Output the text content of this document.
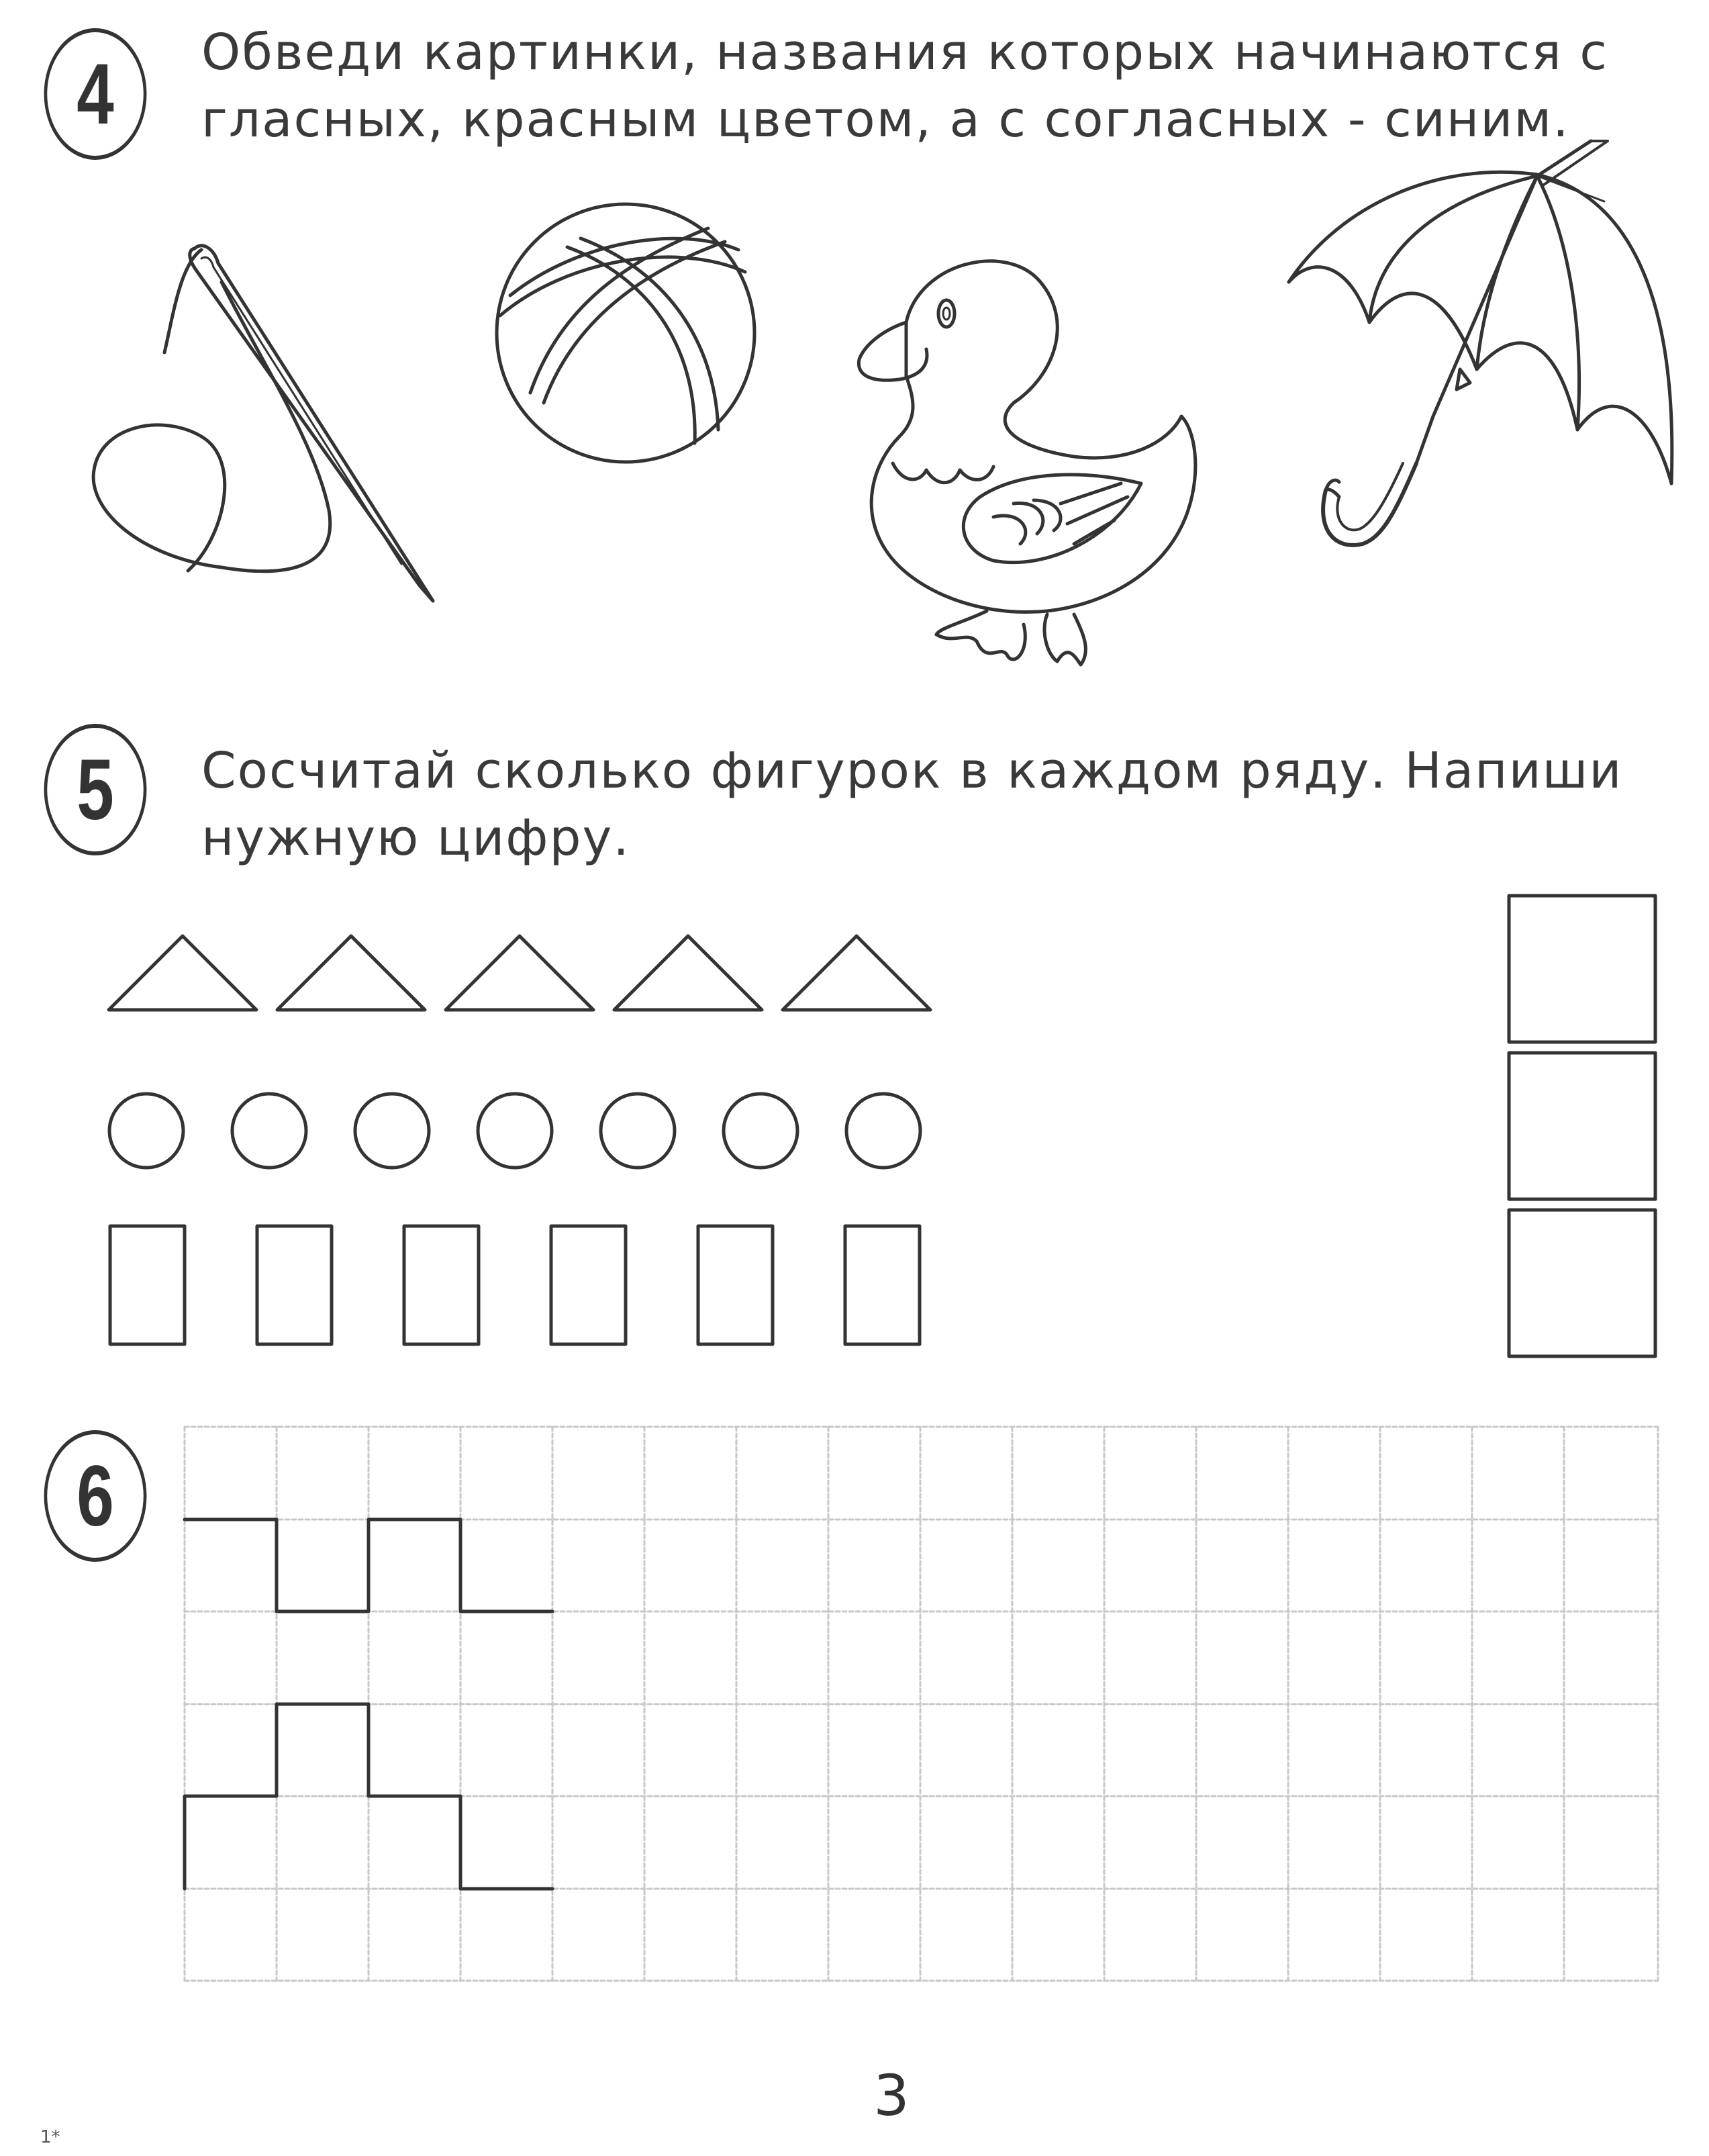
4 Обведи картинки, названия которых начинаются с
гласных, красным цветом, а с согласных - синим.
5 Сосчитай сколько фигурок в каждом ряду. Напиши
нужную цифру.
6
3
1*
